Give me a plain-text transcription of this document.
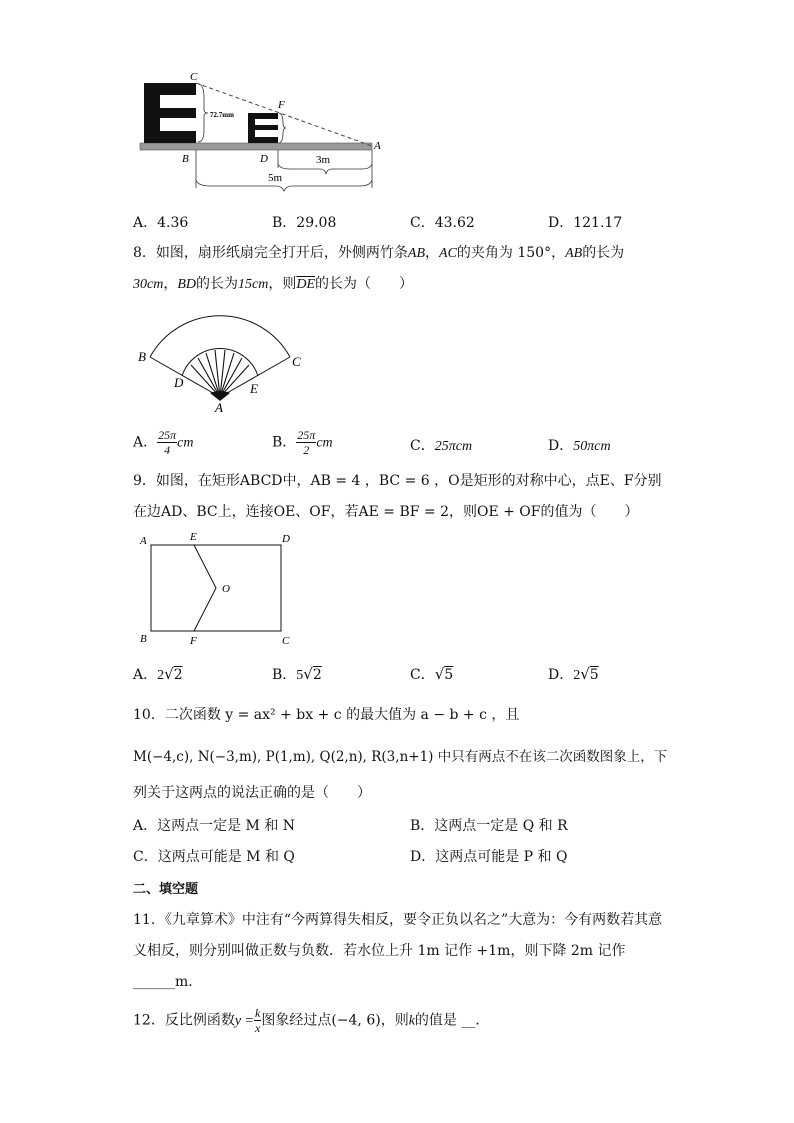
72.7mm
3m
5m
C
F
A
B	D
A．4.36	B．29.08	C．43.62	D．121.17
8．如图，扇形纸扇完全打开后，外侧两竹条AB，AC的夹角为 150°，AB的长为
30cm，BD的长为15cm，则$\overline{DE}$的长为（　　）
B	C
D	E
A
A． $\frac{25\pi}{4}$ cm	B． $\frac{25\pi}{2}$ cm	C．25πcm	D．50πcm
9．如图，在矩形ABCD中，AB = 4 ，BC = 6 ，O是矩形的对称中心，点E、F分别
在边AD、BC上，连接OE、OF，若AE = BF = 2，则OE + OF的值为（　　）
A	E	D
O
B	F	C
A．2√2	B．5√2	C．√5	D．2√5
10．二次函数 y = ax² + bx + c 的最大值为 a − b + c ，且
M(−4,c), N(−3,m), P(1,m), Q(2,n), R(3,n+1) 中只有两点不在该二次函数图象上，下
列关于这两点的说法正确的是（　　）
A．这两点一定是 M 和 N	B．这两点一定是 Q 和 R
C．这两点可能是 M 和 Q	D．这两点可能是 P 和 Q
二、填空题
11．《九章算术》中注有“今两算得失相反，要令正负以名之”大意为：今有两数若其意
义相反，则分别叫做正数与负数．若水位上升 1m 记作 +1m，则下降 2m 记作
______m．
12．反比例函数$y = \frac{k}{x}$ 图象经过点(−4, 6)，则k的值是 __．
